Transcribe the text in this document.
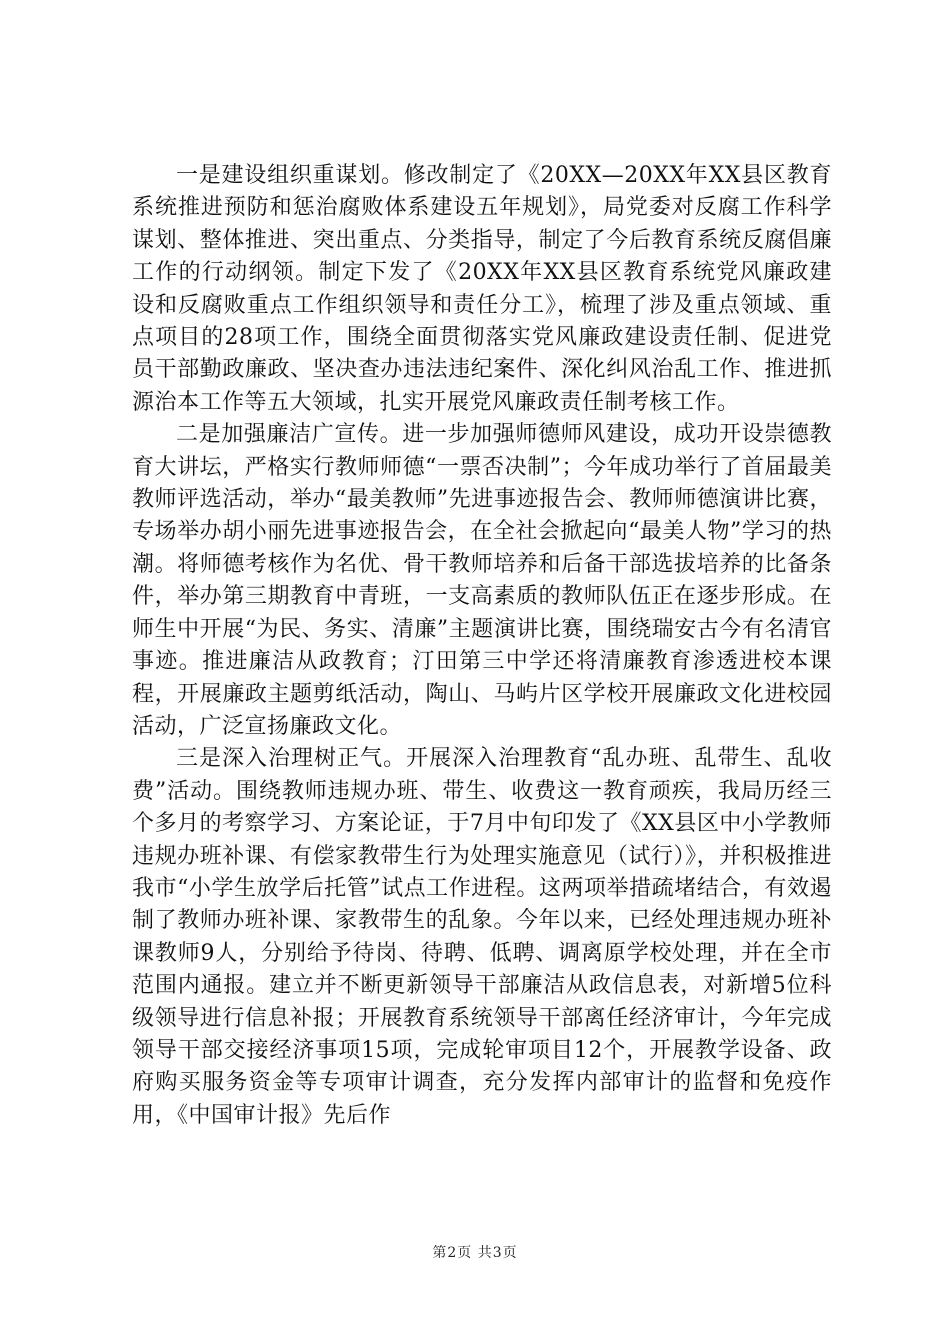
一是建设组织重谋划。修改制定了《20XX—20XX年XX县区教育系统推进预防和惩治腐败体系建设五年规划》，局党委对反腐工作科学谋划、整体推进、突出重点、分类指导，制定了今后教育系统反腐倡廉工作的行动纲领。制定下发了《20XX年XX县区教育系统党风廉政建设和反腐败重点工作组织领导和责任分工》，梳理了涉及重点领域、重点项目的28项工作，围绕全面贯彻落实党风廉政建设责任制、促进党员干部勤政廉政、坚决查办违法违纪案件、深化纠风治乱工作、推进抓源治本工作等五大领域，扎实开展党风廉政责任制考核工作。

二是加强廉洁广宣传。进一步加强师德师风建设，成功开设崇德教育大讲坛，严格实行教师师德“一票否决制”；今年成功举行了首届最美教师评选活动，举办“最美教师”先进事迹报告会、教师师德演讲比赛，专场举办胡小丽先进事迹报告会，在全社会掀起向“最美人物”学习的热潮。将师德考核作为名优、骨干教师培养和后备干部选拔培养的比备条件，举办第三期教育中青班，一支高素质的教师队伍正在逐步形成。在师生中开展“为民、务实、清廉”主题演讲比赛，围绕瑞安古今有名清官事迹。推进廉洁从政教育；汀田第三中学还将清廉教育渗透进校本课程，开展廉政主题剪纸活动，陶山、马屿片区学校开展廉政文化进校园活动，广泛宣扬廉政文化。

三是深入治理树正气。开展深入治理教育“乱办班、乱带生、乱收费”活动。围绕教师违规办班、带生、收费这一教育顽疾，我局历经三个多月的考察学习、方案论证，于7月中旬印发了《XX县区中小学教师违规办班补课、有偿家教带生行为处理实施意见（试行）》，并积极推进我市“小学生放学后托管”试点工作进程。这两项举措疏堵结合，有效遏制了教师办班补课、家教带生的乱象。今年以来，已经处理违规办班补课教师9人，分别给予待岗、待聘、低聘、调离原学校处理，并在全市范围内通报。建立并不断更新领导干部廉洁从政信息表，对新增5位科级领导进行信息补报；开展教育系统领导干部离任经济审计，今年完成领导干部交接经济事项15项，完成轮审项目12个，开展教学设备、政府购买服务资金等专项审计调查，充分发挥内部审计的监督和免疫作用，《中国审计报》先后作

第2页 共3页
